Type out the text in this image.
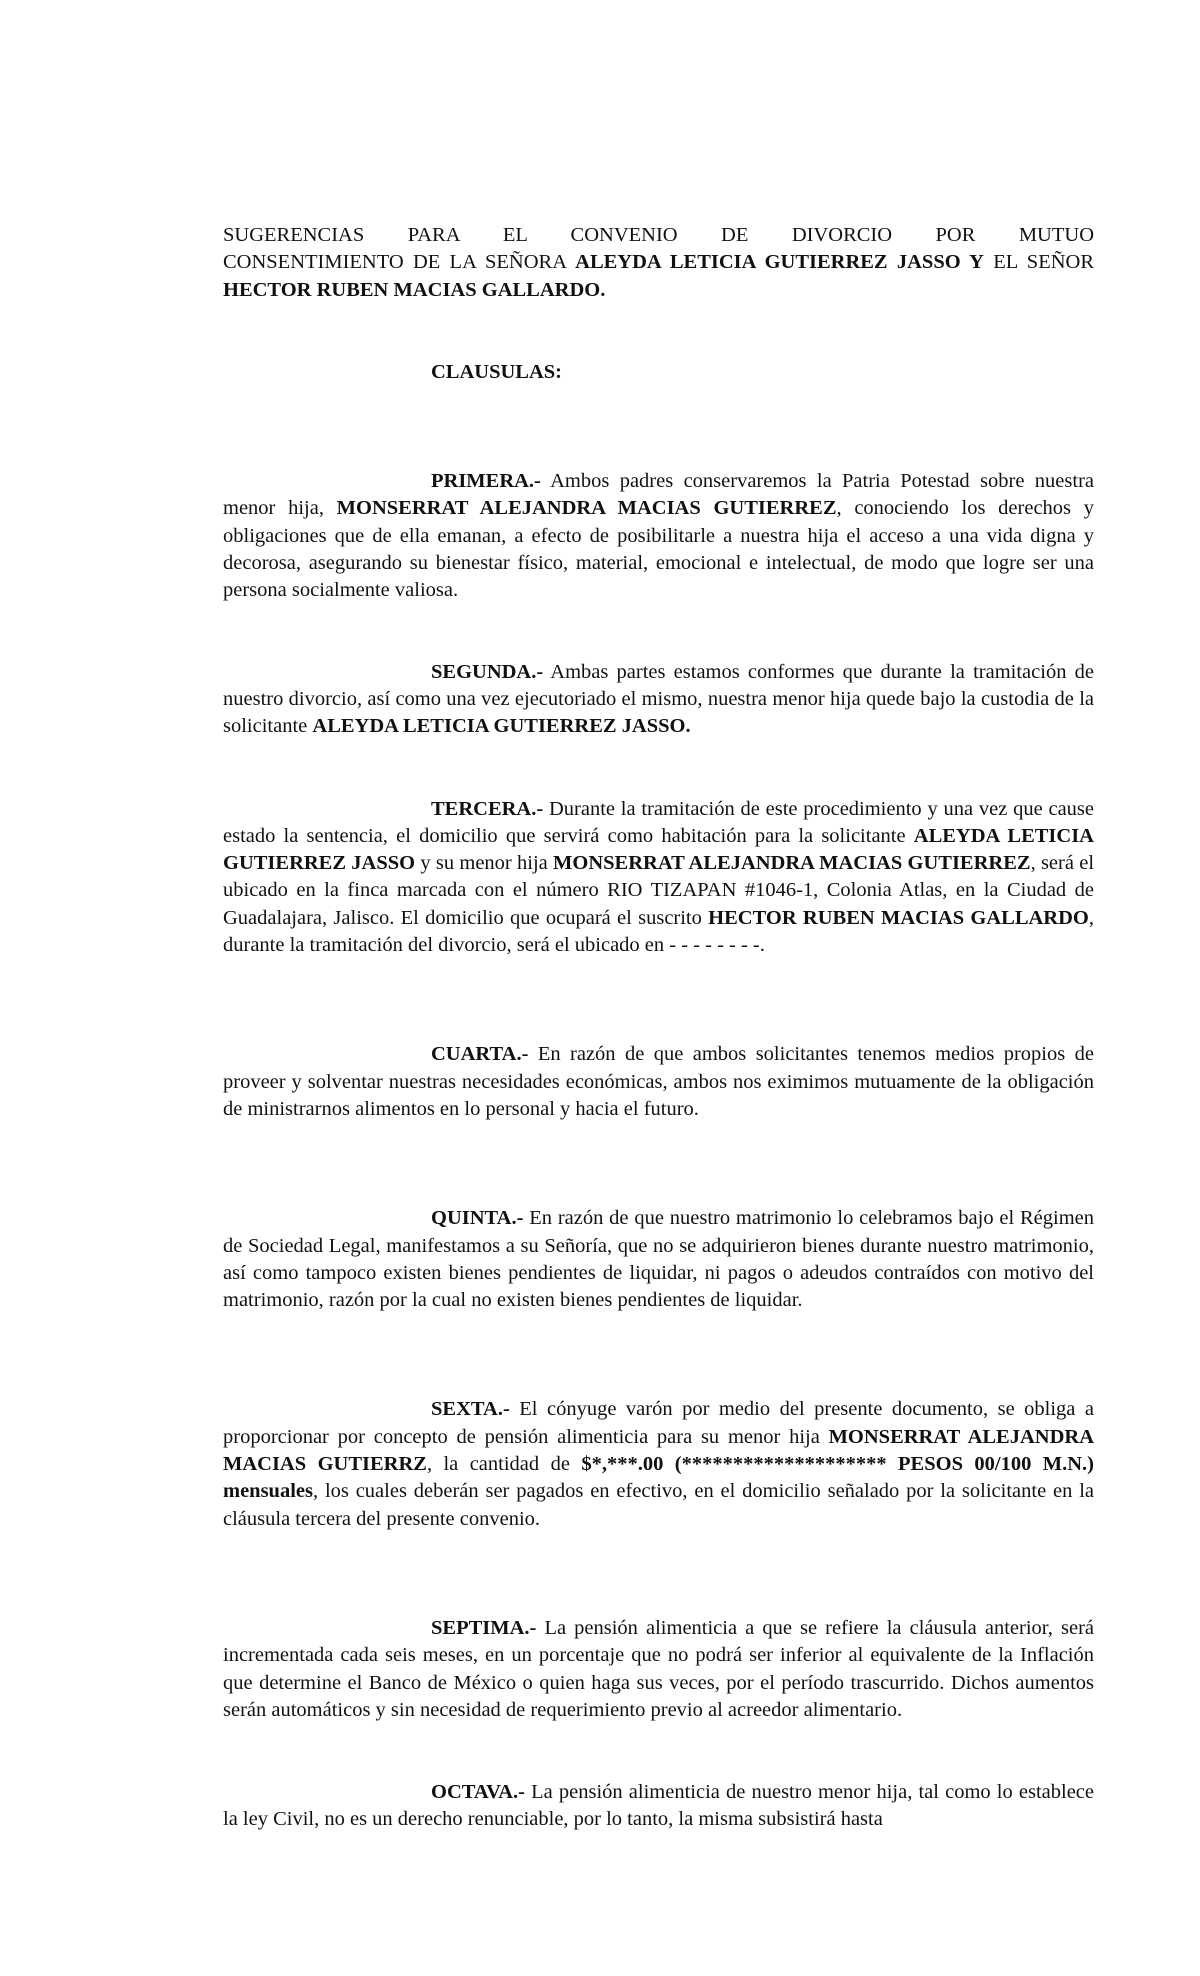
SUGERENCIAS PARA EL CONVENIO DE DIVORCIO POR MUTUO
CONSENTIMIENTO DE LA SEÑORA ALEYDA LETICIA GUTIERREZ JASSO Y EL SEÑOR HECTOR RUBEN MACIAS GALLARDO.

CLAUSULAS:

PRIMERA.- Ambos padres conservaremos la Patria Potestad sobre nuestra menor hija, MONSERRAT ALEJANDRA MACIAS GUTIERREZ, conociendo los derechos y obligaciones que de ella emanan, a efecto de posibilitarle a nuestra hija el acceso a una vida digna y decorosa, asegurando su bienestar físico, material, emocional e intelectual, de modo que logre ser una persona socialmente valiosa.

SEGUNDA.- Ambas partes estamos conformes que durante la tramitación de nuestro divorcio, así como una vez ejecutoriado el mismo, nuestra menor hija quede bajo la custodia de la solicitante ALEYDA LETICIA GUTIERREZ JASSO.

TERCERA.- Durante la tramitación de este procedimiento y una vez que cause estado la sentencia, el domicilio que servirá como habitación para la solicitante ALEYDA LETICIA GUTIERREZ JASSO y su menor hija MONSERRAT ALEJANDRA MACIAS GUTIERREZ, será el ubicado en la finca marcada con el número RIO TIZAPAN #1046-1, Colonia Atlas, en la Ciudad de Guadalajara, Jalisco. El domicilio que ocupará el suscrito HECTOR RUBEN MACIAS GALLARDO, durante la tramitación del divorcio, será el ubicado en - - - - - - - -.

CUARTA.- En razón de que ambos solicitantes tenemos medios propios de proveer y solventar nuestras necesidades económicas, ambos nos eximimos mutuamente de la obligación de ministrarnos alimentos en lo personal y hacia el futuro.

QUINTA.- En razón de que nuestro matrimonio lo celebramos bajo el Régimen de Sociedad Legal, manifestamos a su Señoría, que no se adquirieron bienes durante nuestro matrimonio, así como tampoco existen bienes pendientes de liquidar, ni pagos o adeudos contraídos con motivo del matrimonio, razón por la cual no existen bienes pendientes de liquidar.

SEXTA.- El cónyuge varón por medio del presente documento, se obliga a proporcionar por concepto de pensión alimenticia para su menor hija MONSERRAT ALEJANDRA MACIAS GUTIERRZ, la cantidad de $*,***.00 (******************** PESOS 00/100 M.N.) mensuales, los cuales deberán ser pagados en efectivo, en el domicilio señalado por la solicitante en la cláusula tercera del presente convenio.

SEPTIMA.- La pensión alimenticia a que se refiere la cláusula anterior, será incrementada cada seis meses, en un porcentaje que no podrá ser inferior al equivalente de la Inflación que determine el Banco de México o quien haga sus veces, por el período trascurrido. Dichos aumentos serán automáticos y sin necesidad de requerimiento previo al acreedor alimentario.

OCTAVA.- La pensión alimenticia de nuestro menor hija, tal como lo establece la ley Civil, no es un derecho renunciable, por lo tanto, la misma subsistirá hasta
